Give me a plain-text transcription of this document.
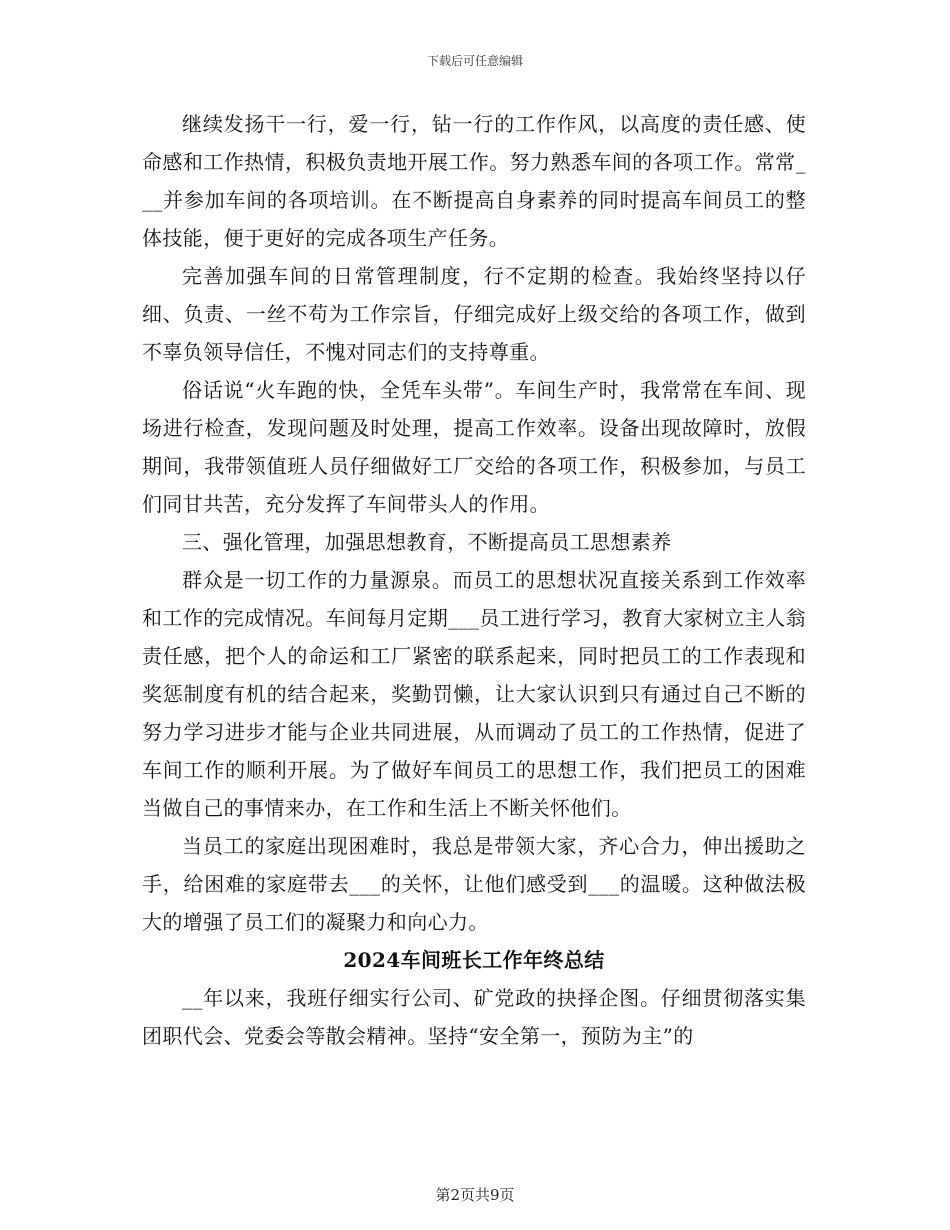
下载后可任意编辑

继续发扬干一行，爱一行，钻一行的工作作风，以高度的责任感、使命感和工作热情，积极负责地开展工作。努力熟悉车间的各项工作。常常___并参加车间的各项培训。在不断提高自身素养的同时提高车间员工的整体技能，便于更好的完成各项生产任务。

完善加强车间的日常管理制度，行不定期的检查。我始终坚持以仔细、负责、一丝不苟为工作宗旨，仔细完成好上级交给的各项工作，做到不辜负领导信任，不愧对同志们的支持尊重。

俗话说“火车跑的快，全凭车头带”。车间生产时，我常常在车间、现场进行检查，发现问题及时处理，提高工作效率。设备出现故障时，放假期间，我带领值班人员仔细做好工厂交给的各项工作，积极参加，与员工们同甘共苦，充分发挥了车间带头人的作用。

三、强化管理，加强思想教育，不断提高员工思想素养

群众是一切工作的力量源泉。而员工的思想状况直接关系到工作效率和工作的完成情况。车间每月定期___员工进行学习，教育大家树立主人翁责任感，把个人的命运和工厂紧密的联系起来，同时把员工的工作表现和奖惩制度有机的结合起来，奖勤罚懒，让大家认识到只有通过自己不断的努力学习进步才能与企业共同进展，从而调动了员工的工作热情，促进了车间工作的顺利开展。为了做好车间员工的思想工作，我们把员工的困难当做自己的事情来办，在工作和生活上不断关怀他们。

当员工的家庭出现困难时，我总是带领大家，齐心合力，伸出援助之手，给困难的家庭带去___的关怀，让他们感受到___的温暖。这种做法极大的增强了员工们的凝聚力和向心力。

2024车间班长工作年终总结

__年以来，我班仔细实行公司、矿党政的抉择企图。仔细贯彻落实集团职代会、党委会等散会精神。坚持“安全第一，预防为主”的

第2页共9页
